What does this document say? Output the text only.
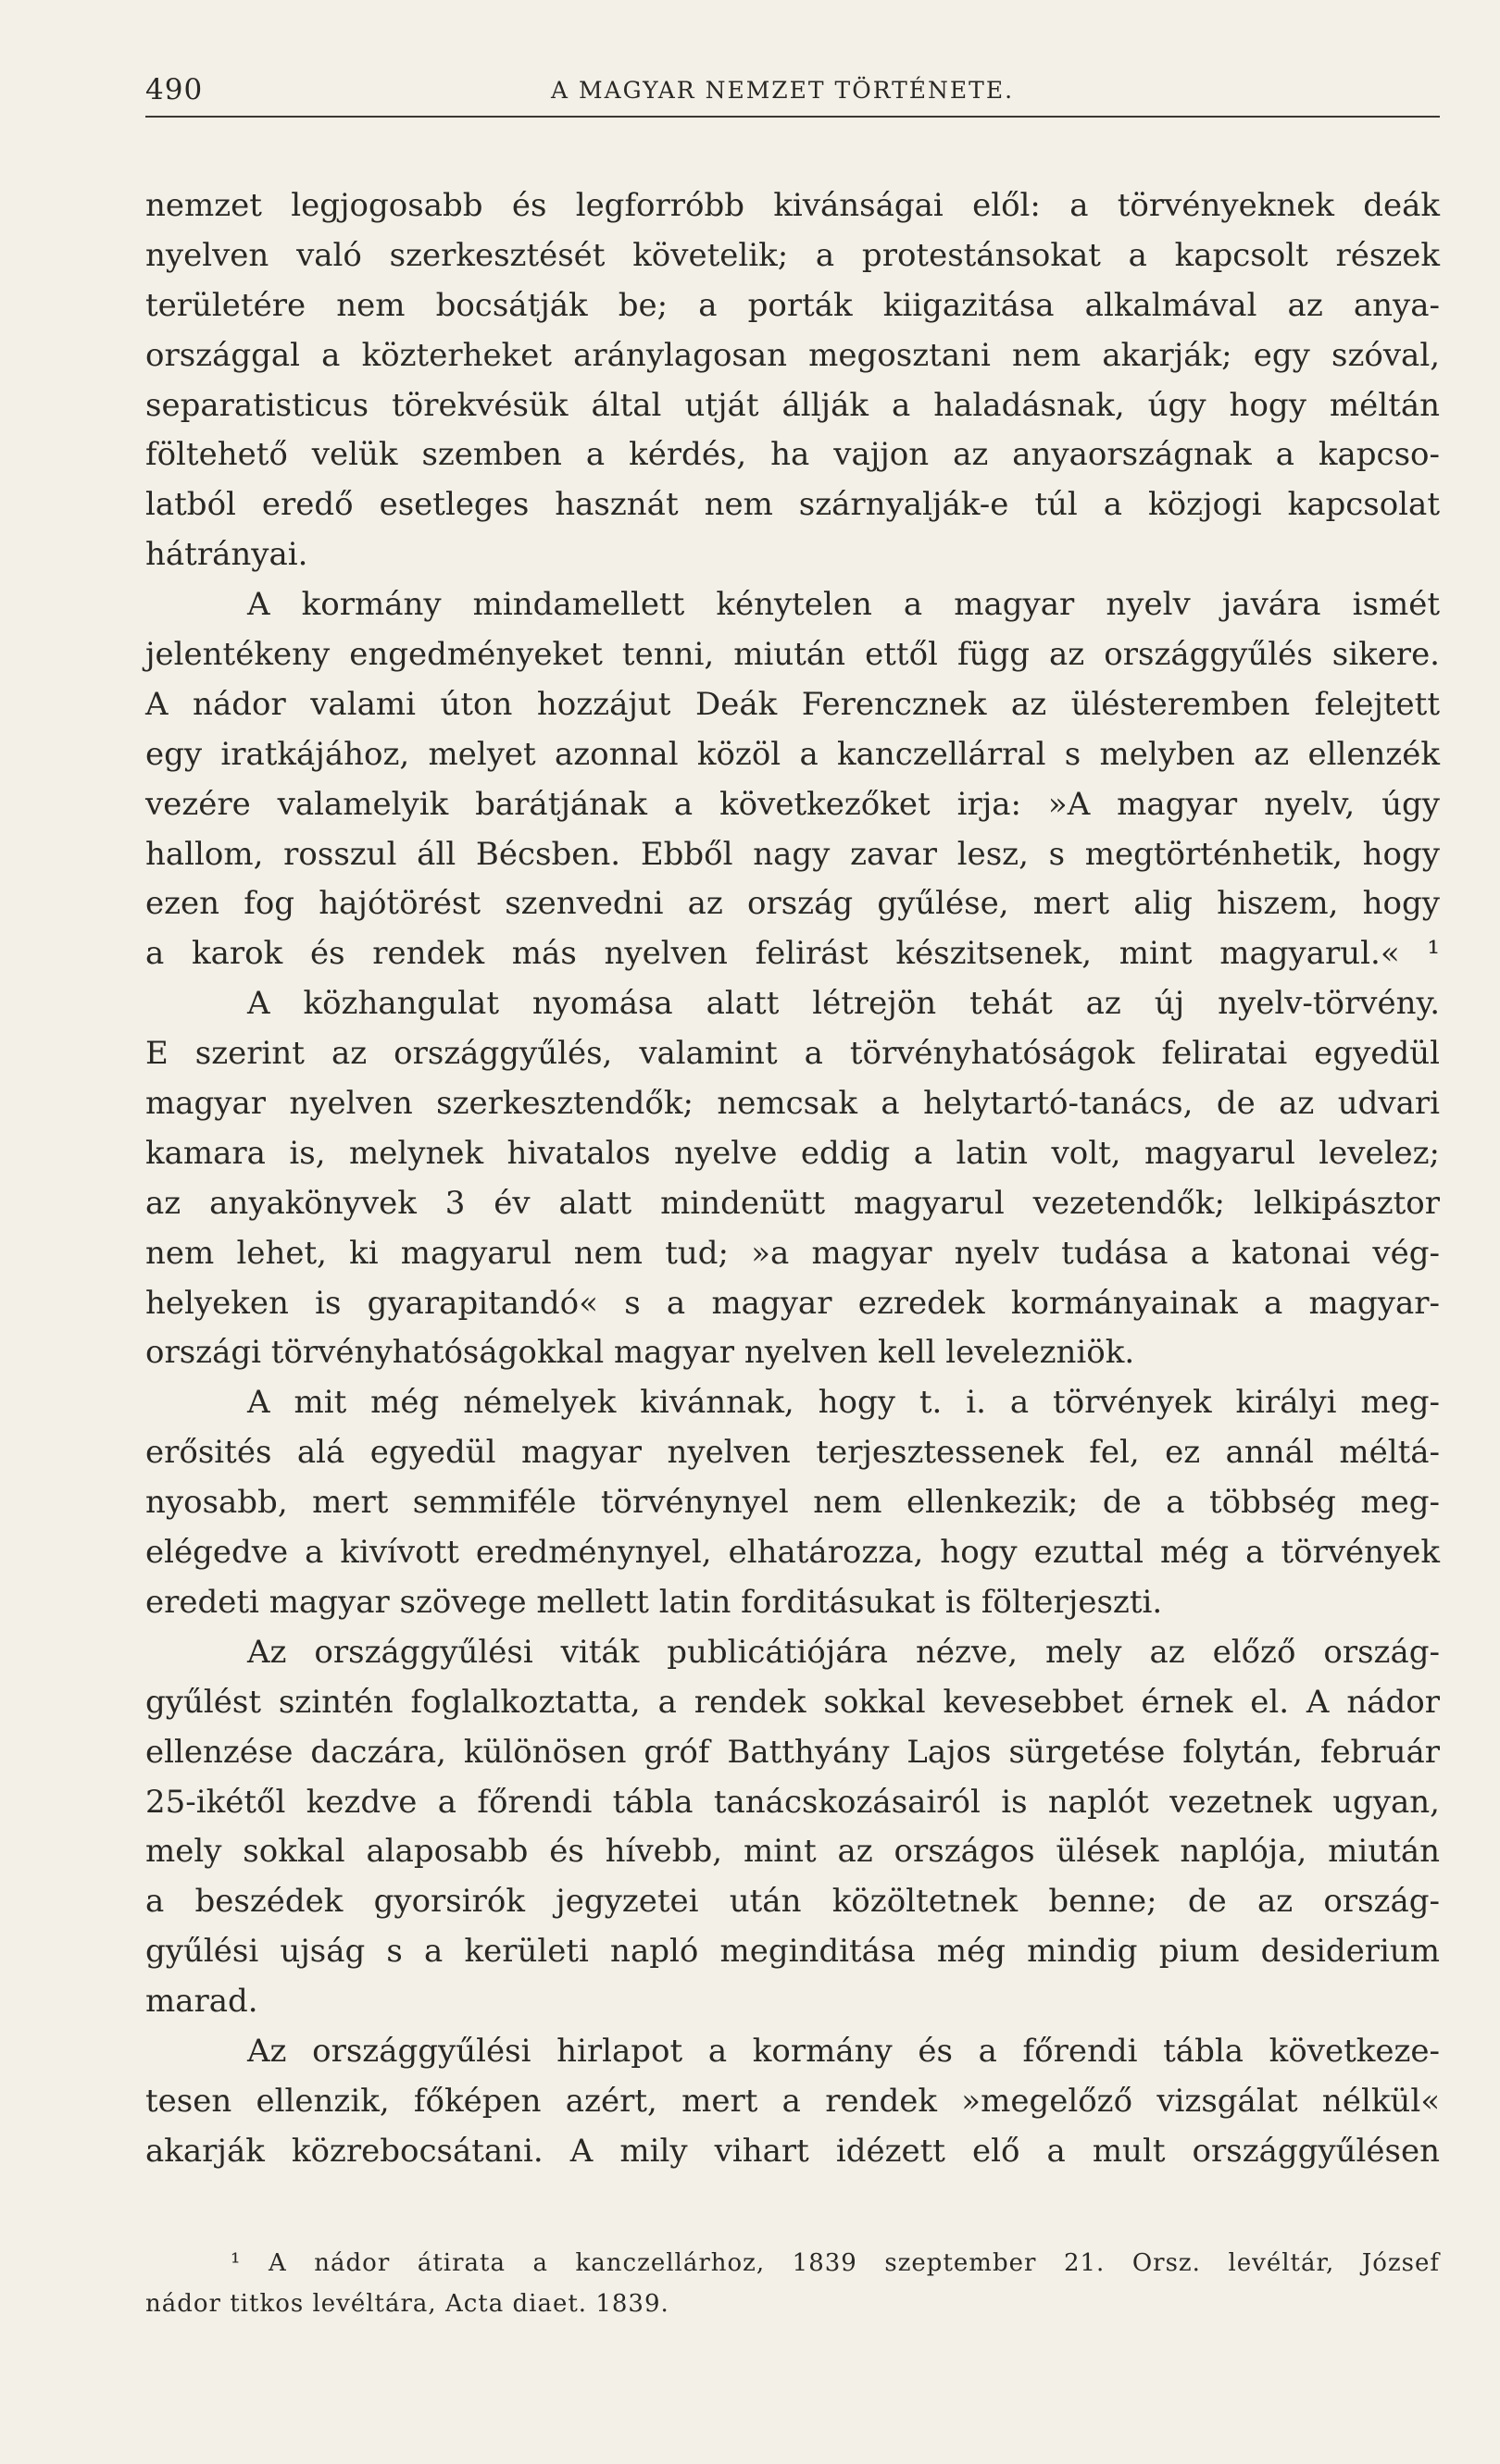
490	A MAGYAR NEMZET TÖRTÉNETE.
nemzet legjogosabb és legforróbb kivánságai elől: a törvényeknek deák
nyelven való szerkesztését követelik; a protestánsokat a kapcsolt részek
területére nem bocsátják be; a porták kiigazitása alkalmával az anya-
országgal a közterheket aránylagosan megosztani nem akarják; egy szóval,
separatisticus törekvésük által utját állják a haladásnak, úgy hogy méltán
föltehető velük szemben a kérdés, ha vajjon az anyaországnak a kapcso-
latból eredő esetleges hasznát nem szárnyalják-e túl a közjogi kapcsolat
hátrányai.
A kormány mindamellett kénytelen a magyar nyelv javára ismét
jelentékeny engedményeket tenni, miután ettől függ az országgyűlés sikere.
A nádor valami úton hozzájut Deák Ferencznek az ülésteremben felejtett
egy iratkájához, melyet azonnal közöl a kanczellárral s melyben az ellenzék
vezére valamelyik barátjának a következőket irja: »A magyar nyelv, úgy
hallom, rosszul áll Bécsben. Ebből nagy zavar lesz, s megtörténhetik, hogy
ezen fog hajótörést szenvedni az ország gyűlése, mert alig hiszem, hogy
a karok és rendek más nyelven felirást készitsenek, mint magyarul.« ¹
A közhangulat nyomása alatt létrejön tehát az új nyelv-törvény.
E szerint az országgyűlés, valamint a törvényhatóságok feliratai egyedül
magyar nyelven szerkesztendők; nemcsak a helytartó-tanács, de az udvari
kamara is, melynek hivatalos nyelve eddig a latin volt, magyarul levelez;
az anyakönyvek 3 év alatt mindenütt magyarul vezetendők; lelkipásztor
nem lehet, ki magyarul nem tud; »a magyar nyelv tudása a katonai vég-
helyeken is gyarapitandó« s a magyar ezredek kormányainak a magyar-
országi törvényhatóságokkal magyar nyelven kell levelezniök.
A mit még némelyek kivánnak, hogy t. i. a törvények királyi meg-
erősités alá egyedül magyar nyelven terjesztessenek fel, ez annál méltá-
nyosabb, mert semmiféle törvénynyel nem ellenkezik; de a többség meg-
elégedve a kivívott eredménynyel, elhatározza, hogy ezuttal még a törvények
eredeti magyar szövege mellett latin forditásukat is fölterjeszti.
Az országgyűlési viták publicátiójára nézve, mely az előző ország-
gyűlést szintén foglalkoztatta, a rendek sokkal kevesebbet érnek el. A nádor
ellenzése daczára, különösen gróf Batthyány Lajos sürgetése folytán, február
25-ikétől kezdve a főrendi tábla tanácskozásairól is naplót vezetnek ugyan,
mely sokkal alaposabb és hívebb, mint az országos ülések naplója, miután
a beszédek gyorsirók jegyzetei után közöltetnek benne; de az ország-
gyűlési ujság s a kerületi napló meginditása még mindig pium desiderium
marad.
Az országgyűlési hirlapot a kormány és a főrendi tábla következe-
tesen ellenzik, főképen azért, mert a rendek »megelőző vizsgálat nélkül«
akarják közrebocsátani. A mily vihart idézett elő a mult országgyűlésen
¹ A nádor átirata a kanczellárhoz, 1839 szeptember 21. Orsz. levéltár, József
nádor titkos levéltára, Acta diaet. 1839.
